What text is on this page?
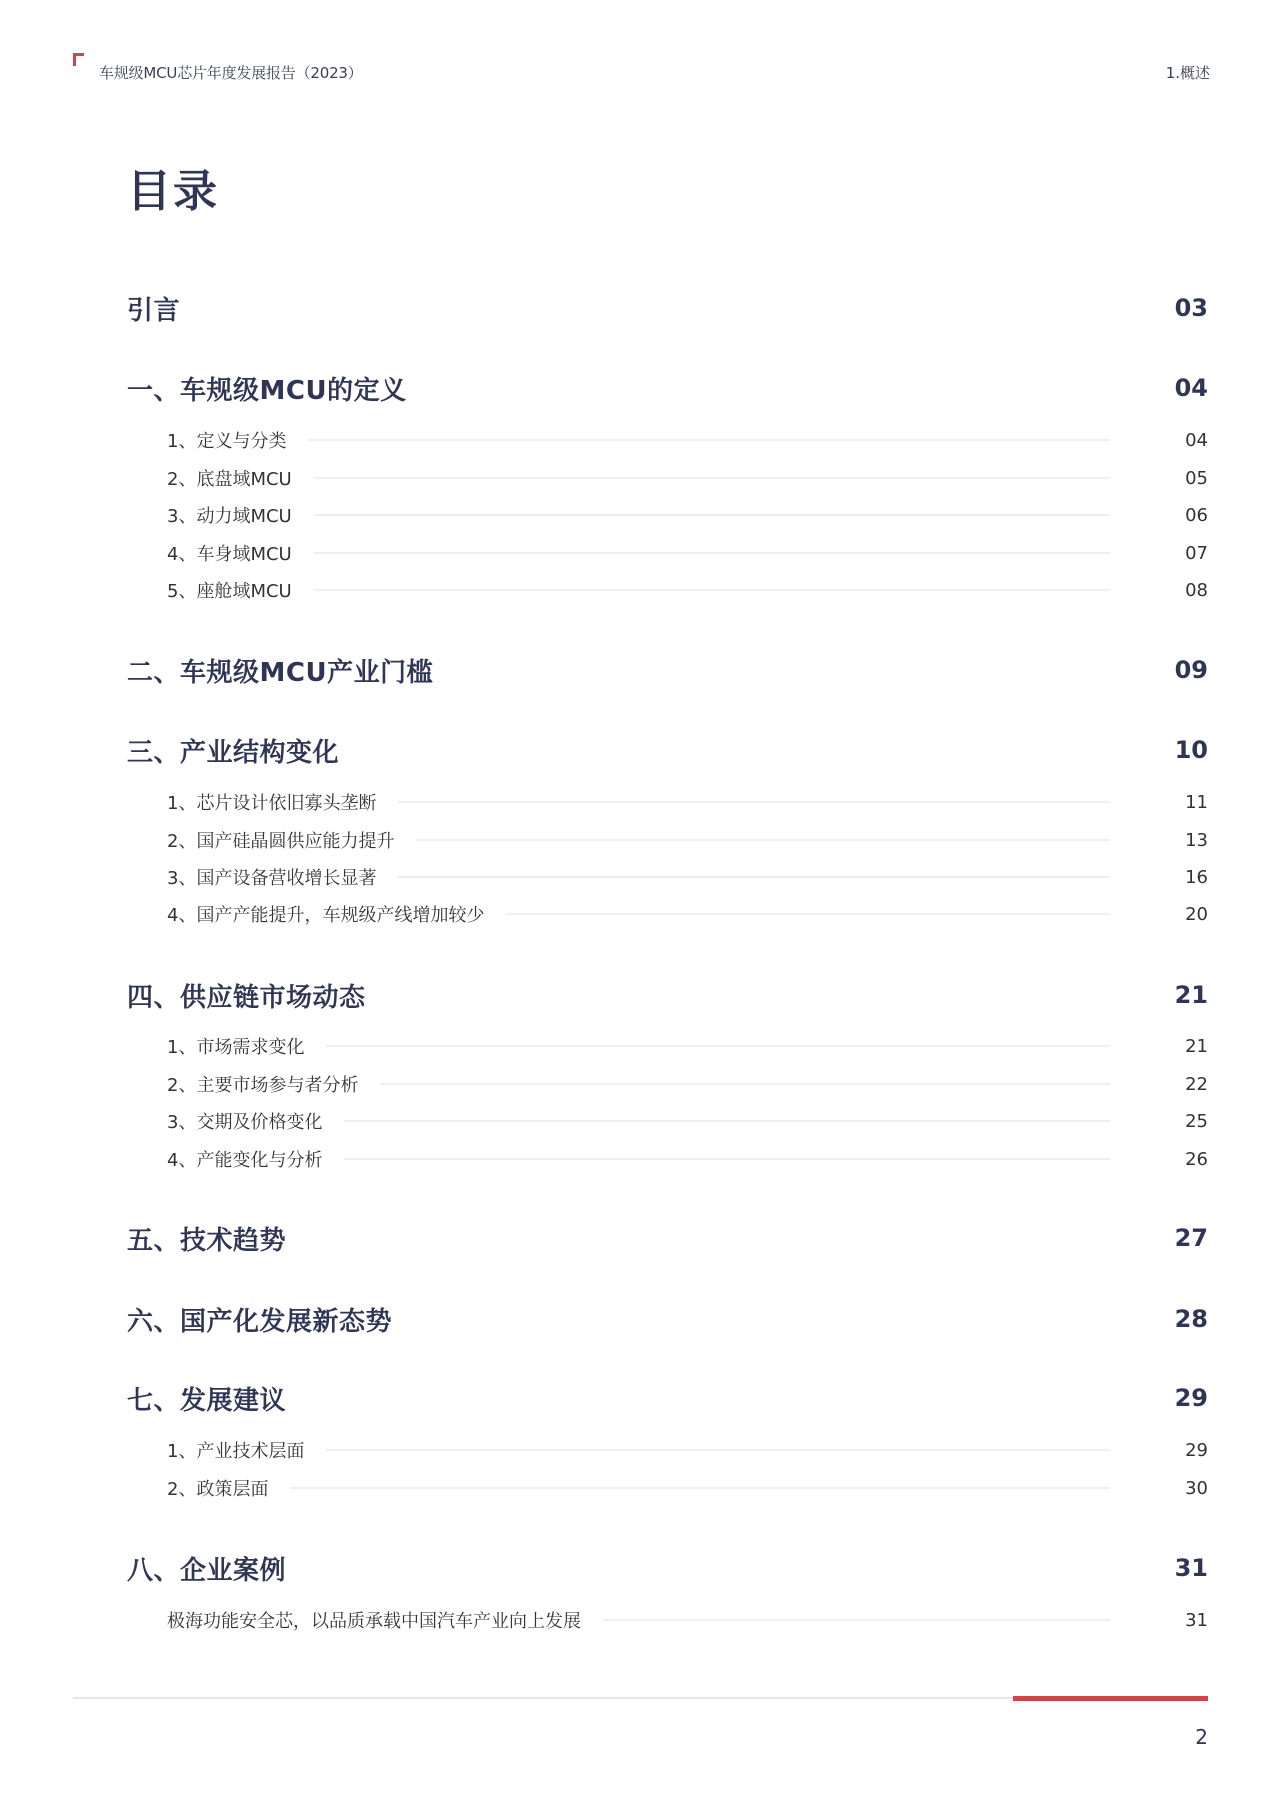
车规级MCU芯片年度发展报告（2023）	1.概述
目录
引言	03
一、车规级MCU的定义	04
1、定义与分类	04
2、底盘域MCU	05
3、动力域MCU	06
4、车身域MCU	07
5、座舱域MCU	08
二、车规级MCU产业门槛	09
三、产业结构变化	10
1、芯片设计依旧寡头垄断	11
2、国产硅晶圆供应能力提升	13
3、国产设备营收增长显著	16
4、国产产能提升，车规级产线增加较少	20
四、供应链市场动态	21
1、市场需求变化	21
2、主要市场参与者分析	22
3、交期及价格变化	25
4、产能变化与分析	26
五、技术趋势	27
六、国产化发展新态势	28
七、发展建议	29
1、产业技术层面	29
2、政策层面	30
八、企业案例	31
极海功能安全芯，以品质承载中国汽车产业向上发展	31
2
